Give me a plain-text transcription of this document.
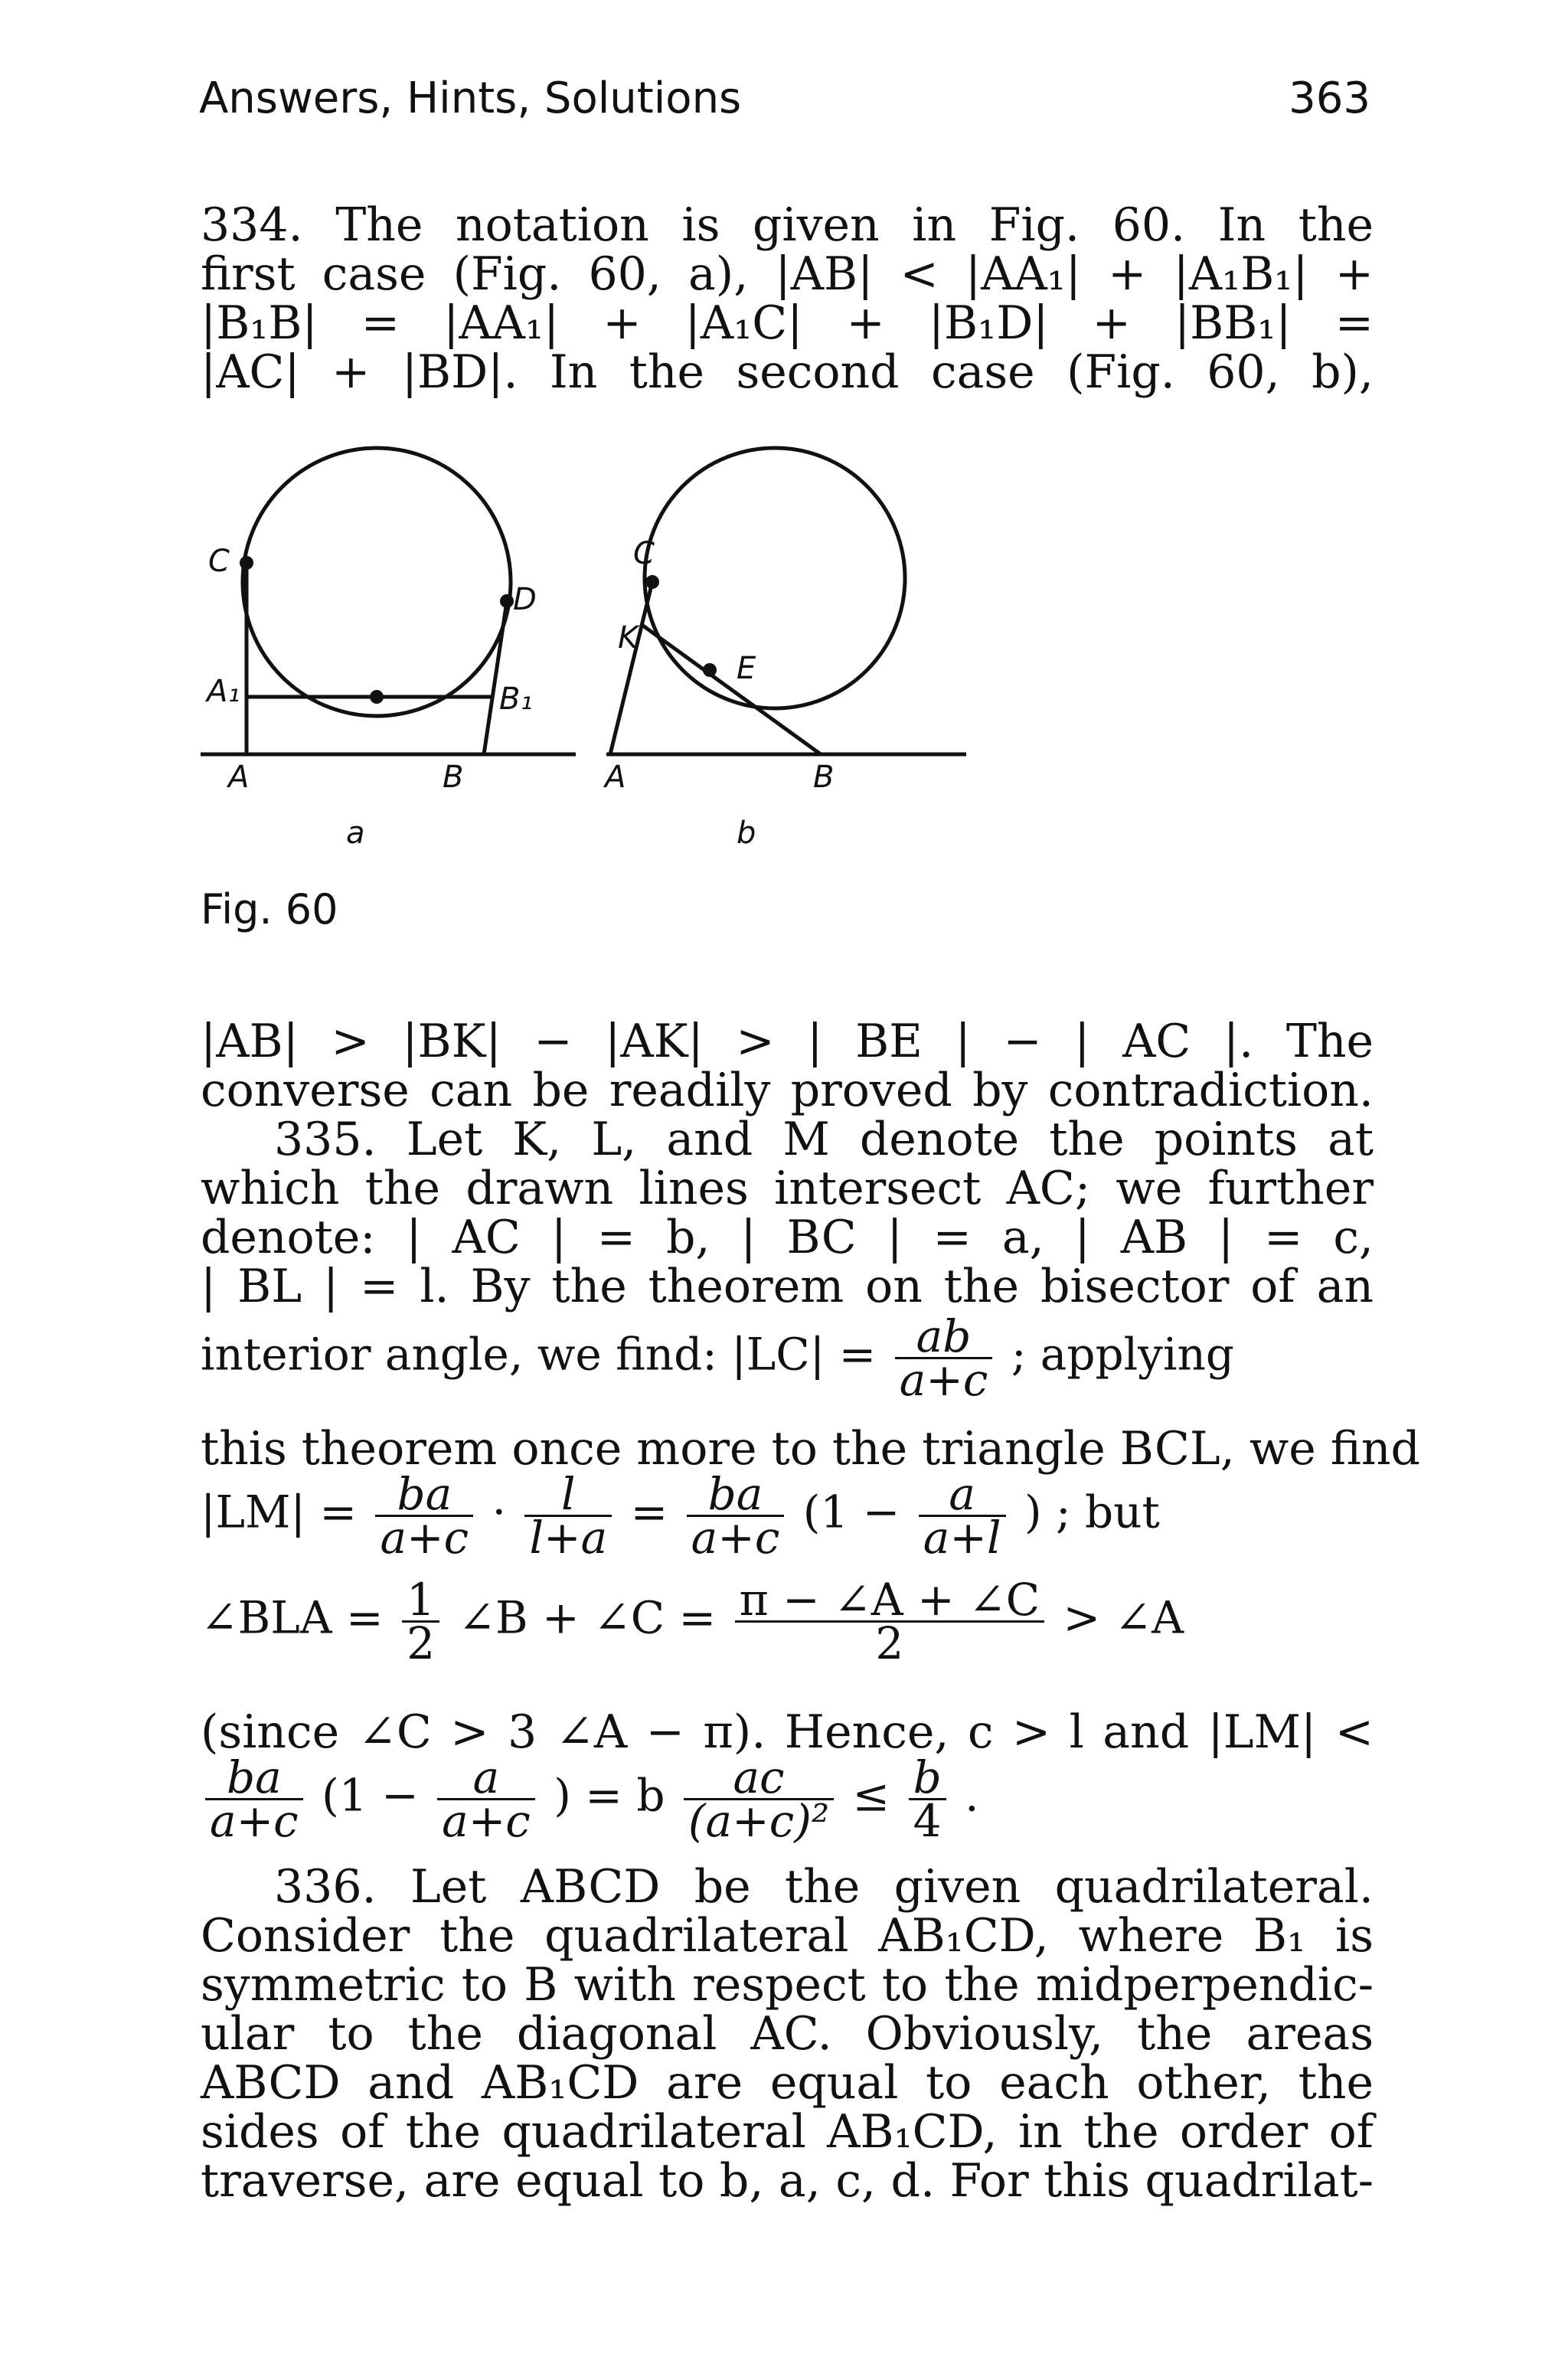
Answers, Hints, Solutions	363
334. The notation is given in Fig. 60. In the
first case (Fig. 60, a), |AB| < |AA₁| + |A₁B₁| +
|B₁B| = |AA₁| + |A₁C| + |B₁D| + |BB₁| =
|AC| + |BD|. In the second case (Fig. 60, b),
C
D
A₁	B₁
A	B
a
C
K
E
A	B
b
Fig. 60
|AB| > |BK| − |AK| > | BE | − | AC |. The
converse can be readily proved by contradiction.
335. Let K, L, and M denote the points at
which the drawn lines intersect AC; we further
denote: | AC | = b, | BC | = a, | AB | = c,
| BL | = l. By the theorem on the bisector of an
interior angle, we find: $|LC| = \frac{ab}{a+c}$ ; applying
this theorem once more to the triangle BCL, we find
$|LM| = \frac{ba}{a+c} \cdot \frac{l}{l+a} = \frac{ba}{a+c} (1 - \frac{a}{a+l}$ ) ; but
∠BLA = $\frac{1}{2}$ ∠B + ∠C = $\frac{\pi - \angle A + \angle C}{2}$ > ∠A
(since ∠C > 3 ∠A − π). Hence, c > l and |LM| <
$\frac{ba}{a+c} (1 - \frac{a}{a+c}$ ) = b $\frac{ac}{\text{(a+c)²}} \le \frac{b}{4}$ .
336. Let ABCD be the given quadrilateral.
Consider the quadrilateral AB₁CD, where B₁ is
symmetric to B with respect to the midperpendic-
ular to the diagonal AC. Obviously, the areas
ABCD and AB₁CD are equal to each other, the
sides of the quadrilateral AB₁CD, in the order of
traverse, are equal to b, a, c, d. For this quadrilat-
